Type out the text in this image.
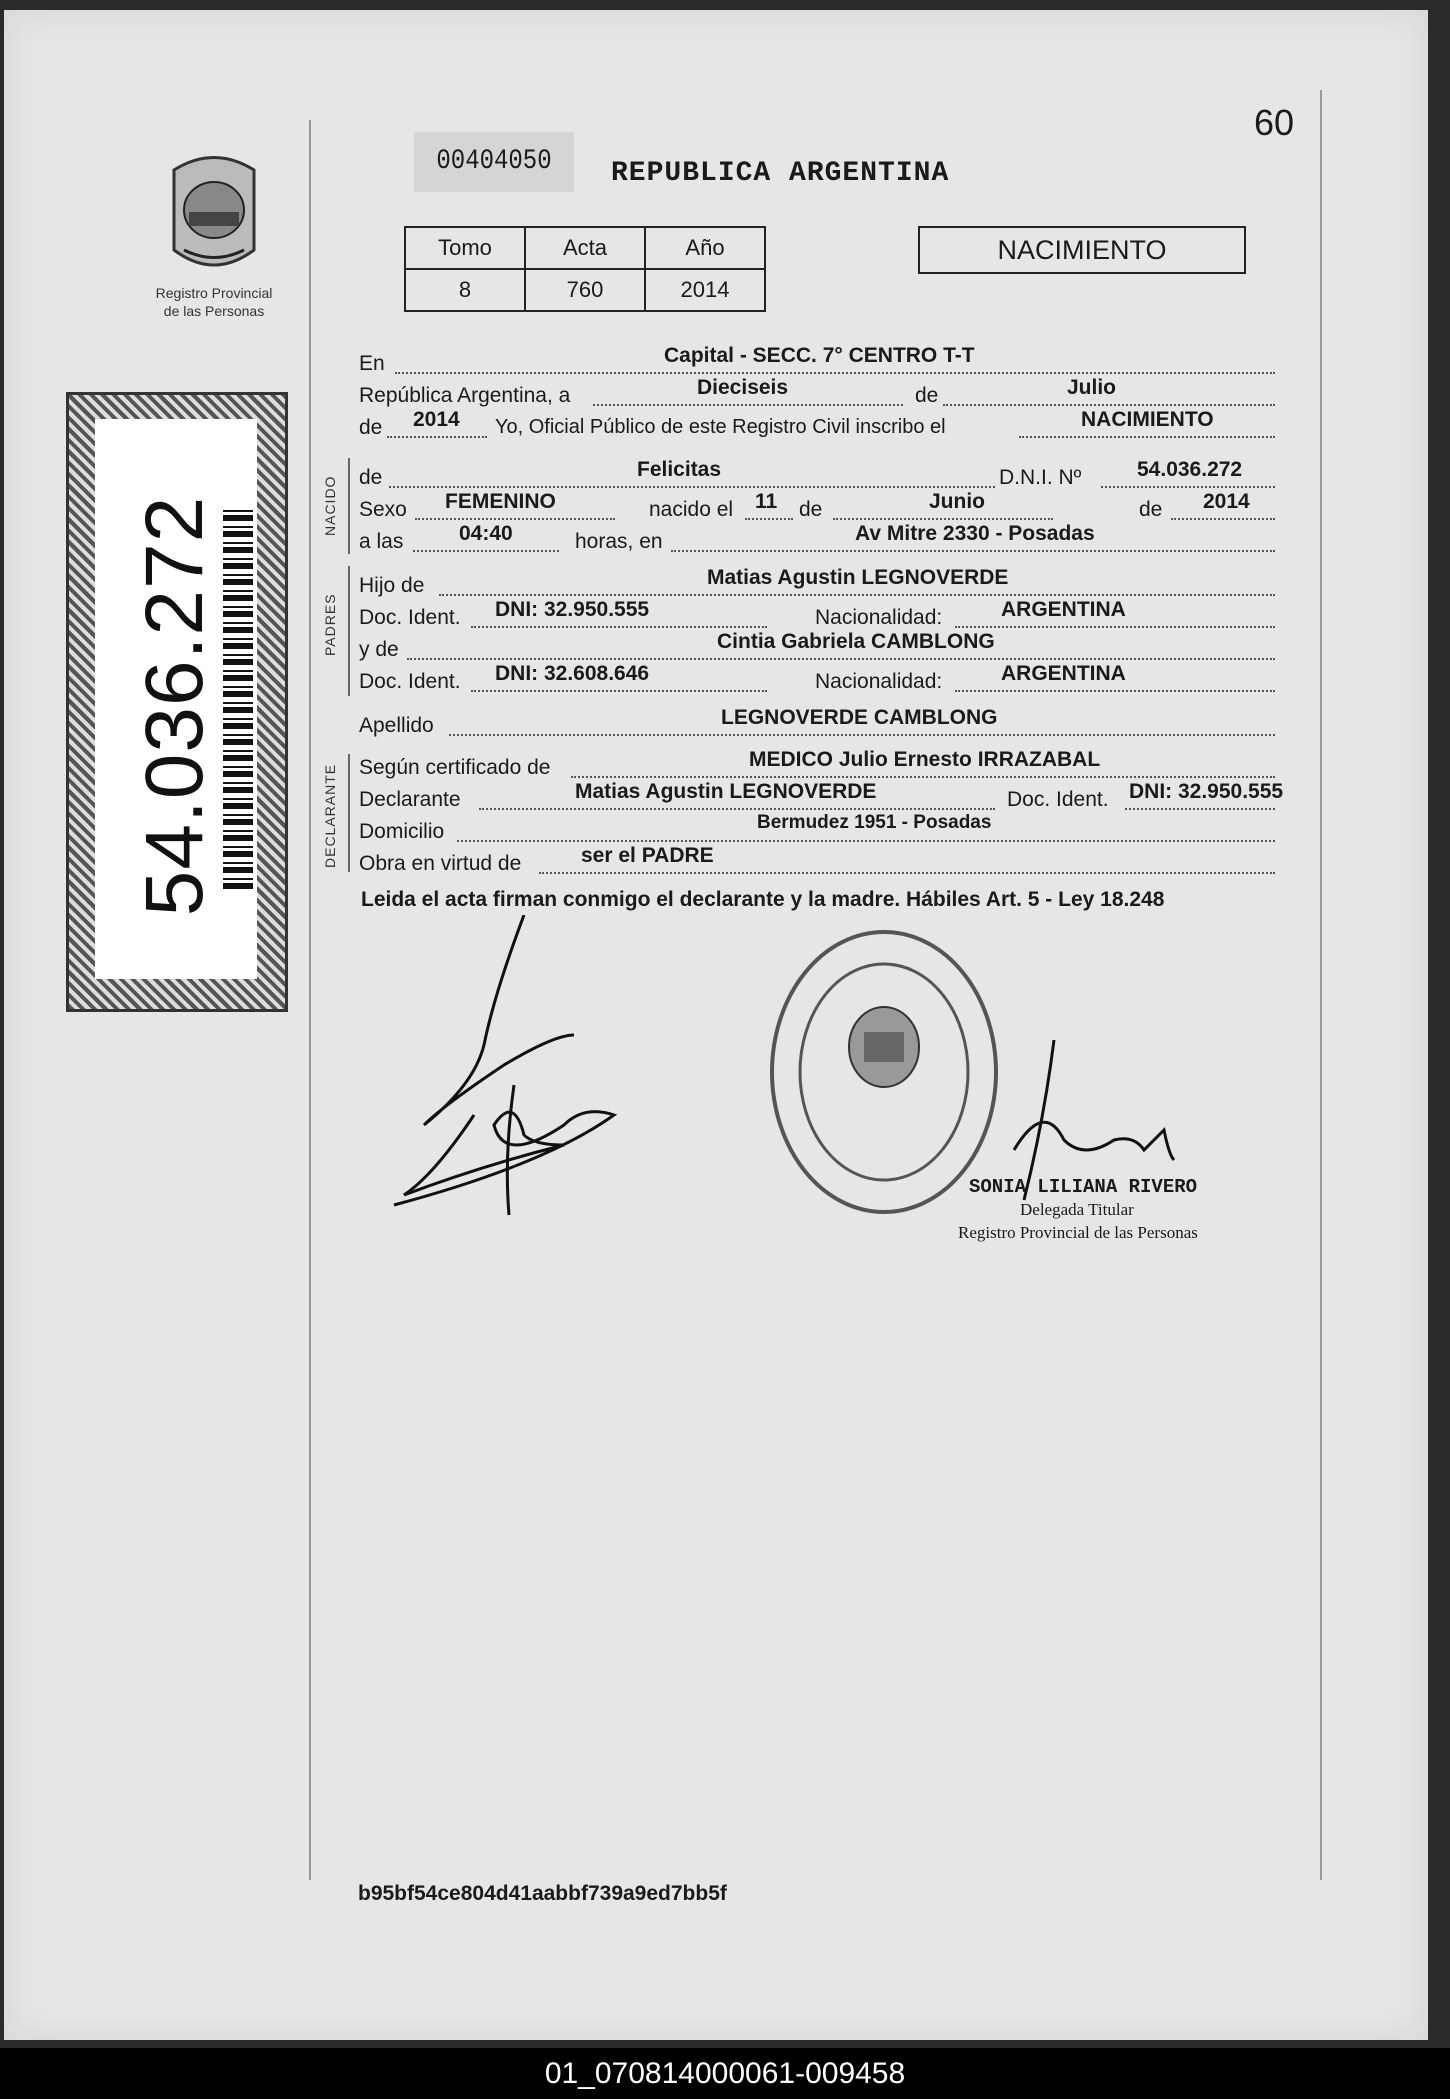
60
Registro Provincial
de las Personas
54.036.272
00404050	REPUBLICA ARGENTINA
Tomo	Acta	Año
8	760	2014
NACIMIENTO
NACIDO
PADRES
DECLARANTE
En	Capital - SECC. 7° CENTRO T-T
República Argentina, a	Dieciseis	de	Julio
de 2014 Yo, Oficial Público de este Registro Civil inscribo el	NACIMIENTO
de	Felicitas	D.N.I. Nº	54.036.272
Sexo FEMENINO	nacido el 11 de	Junio	de 2014
a las	04:40	horas, en	Av Mitre 2330 - Posadas
Hijo de	Matias Agustin LEGNOVERDE
Doc. Ident. DNI: 32.950.555	Nacionalidad:	ARGENTINA
y de	Cintia Gabriela CAMBLONG
Doc. Ident. DNI: 32.608.646	Nacionalidad:	ARGENTINA
Apellido	LEGNOVERDE CAMBLONG
Según certificado de	MEDICO Julio Ernesto IRRAZABAL
Declarante	Matias Agustin LEGNOVERDE	Doc. Ident. DNI: 32.950.555
Domicilio	Bermudez 1951 - Posadas
Obra en virtud de	ser el PADRE
Leida el acta firman conmigo el declarante y la madre. Hábiles Art. 5 - Ley 18.248
SONIA LILIANA RIVERO
Delegada Titular
Registro Provincial de las Personas
b95bf54ce804d41aabbf739a9ed7bb5f
01_070814000061-009458
